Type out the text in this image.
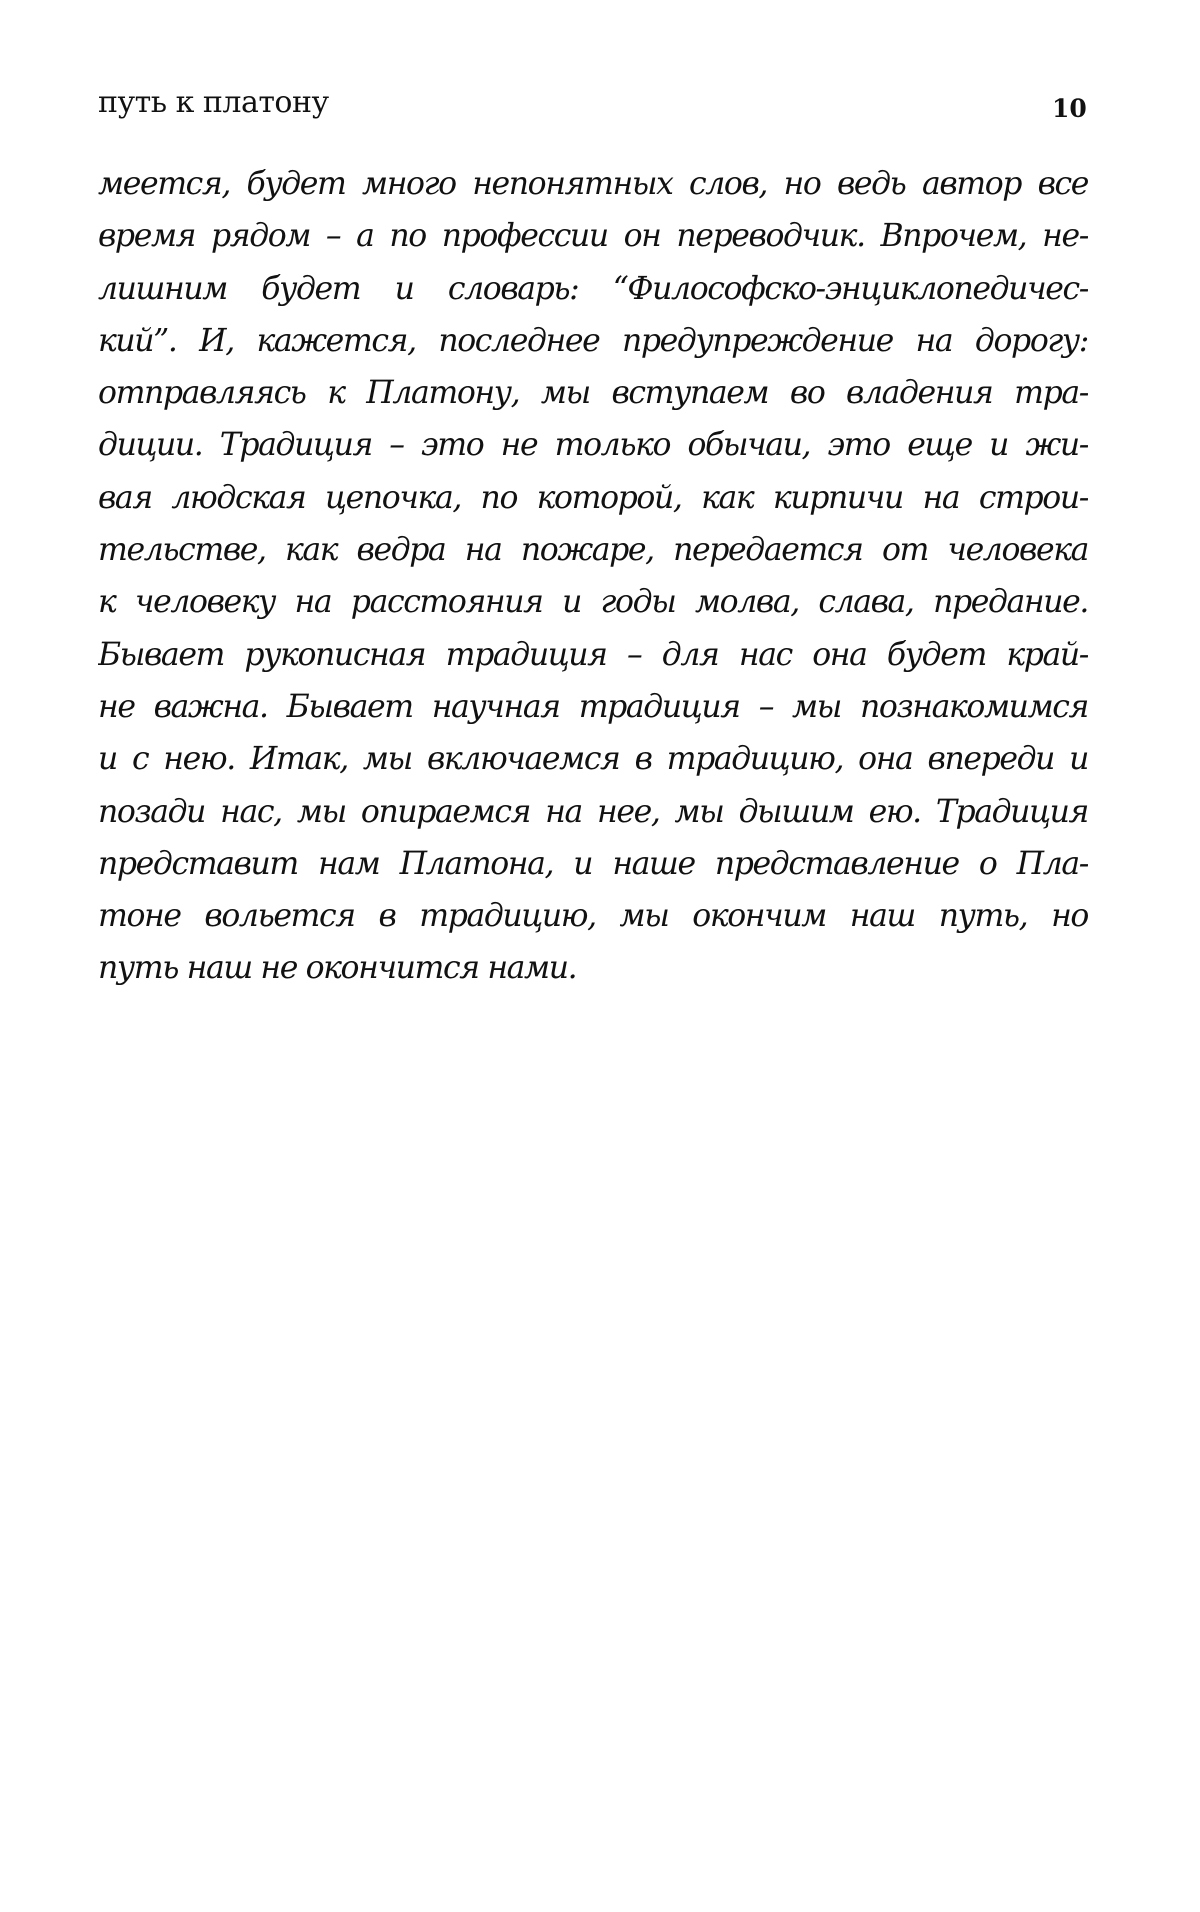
путь к платону	10
меется, будет много непонятных слов, но ведь автор все
время рядом – а по профессии он переводчик. Впрочем, не-
лишним будет и словарь: “Философско-энциклопедичес-
кий”. И, кажется, последнее предупреждение на дорогу:
отправляясь к Платону, мы вступаем во владения тра-
диции. Традиция – это не только обычаи, это еще и жи-
вая людская цепочка, по которой, как кирпичи на строи-
тельстве, как ведра на пожаре, передается от человека
к человеку на расстояния и годы молва, слава, предание.
Бывает рукописная традиция – для нас она будет край-
не важна. Бывает научная традиция – мы познакомимся
и с нею. Итак, мы включаемся в традицию, она впереди и
позади нас, мы опираемся на нее, мы дышим ею. Традиция
представит нам Платона, и наше представление о Пла-
тоне вольется в традицию, мы окончим наш путь, но
путь наш не окончится нами.
